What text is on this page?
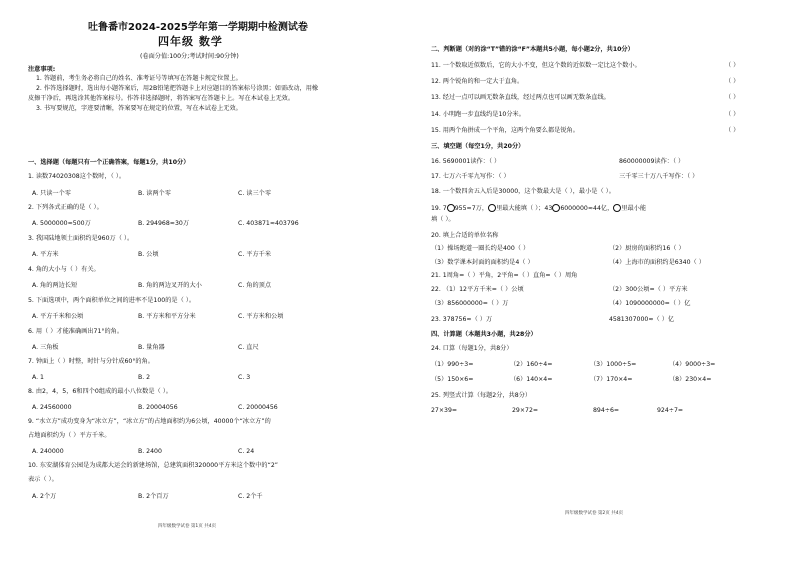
吐鲁番市2024-2025学年第一学期期中检测试卷
四年级 数学
(卷面分值:100分;考试时间:90分钟)
注意事项:
1. 答题前，考生务必将自己的姓名、准考证号等填写在答题卡规定位置上。
2. 作答选择题时，选出每小题答案后，用2B铅笔把答题卡上对应题目的答案标号涂黑；如需改动，用橡
皮擦干净后，再选涂其他答案标号。作答非选择题时，将答案写在答题卡上。写在本试卷上无效。
3. 书写要规范，字迹要清晰，答案要写在规定的位置，写在本试卷上无效。
一、选择题（每题只有一个正确答案，每题1分，共10分）
1. 读数74020308这个数时，（ ）。
A. 只读一个零	B. 读两个零	C. 读三个零
2. 下列各式正确的是（ ）。
A. 5000000≈500万	B. 294968≈30万	C. 403871≈403796
3. 我国陆地领土面积约是960万（ ）。
A. 平方米	B. 公顷	C. 平方千米
4. 角的大小与（ ）有关。
A. 角的两边长短	B. 角的两边叉开的大小	C. 角的顶点
5. 下面选项中，两个面积单位之间的进率不是100的是（ ）。
A. 平方千米和公顷	B. 平方米和平方分米	C. 平方米和公顷
6. 用（ ）才能准确画出71°的角。
A. 三角板	B. 量角器	C. 直尺
7. 钟面上（ ）时整，时针与分针成60°的角。
A. 1	B. 2	C. 3
8. 由2，4，5，6和四个0组成的最小八位数是（ ）。
A. 24560000	B. 20004056	C. 20000456
9. “水立方”成功变身为“冰立方”，“冰立方”的占地面积约为6公顷，40000个“冰立方”的
占地面积约为（ ）平方千米。
A. 240000	B. 2400	C. 24
10. 东安湖体育公园是为成都大运会的新建场馆，总建筑面积320000平方米这个数中的“2”
表示（ ）。
A. 2个万	B. 2个百万	C. 2个千
四年级数学试卷 第1页 共4页
二、判断题（对的涂“T”错的涂“F”本题共5小题，每小题2分，共10分）
11. 一个数取近似数后，它的大小不变，但这个数的近似数一定比这个数小。	（ ）
12. 两个锐角的和一定大于直角。	（ ）
13. 经过一点可以画无数条直线，经过两点也可以画无数条直线。	（ ）
14. 小明跑一步直线约是10分米。	（ ）
15. 用两个角拼成一个平角，这两个角要么都是锐角。	（ ）
三、填空题（每空1分，共20分）
16. 5690001读作：（ ）	860000009读作：（ ）
17. 七万六千零九写作：（ ）	三千零三十万八千写作：（ ）
18. 一个数四舍五入后是30000，这个数最大是（ ），最小是（ ）。
19. 7 955≈7万， 里最大能填（ ）；43 6000000≈44亿， 里最小能
填（ ）。
20. 填上合适的单位名称
（1）操场跑道一圈长约是400（ ）	（2）厨房的面积约16（ ）
（3）数学课本封面的面积约是4（ ）	（4）上海市的面积约是6340（ ）
21. 1周角=（ ）平角，2平角=（ ）直角=（ ）周角
22. （1）12平方千米=（ ）公顷	（2）300公顷=（ ）平方米
（3）856000000=（ ）万	（4）1090000000=（ ）亿
23. 378756≈（ ）万	4581307000≈（ ）亿
四、计算题（本题共3小题，共28分）
24. 口算（每题1分，共8分）
（1）990÷3=	（2）160÷4=	（3）1000÷5=	（4）9000÷3=
（5）150×6=	（6）140×4=	（7）170×4=	（8）230×4=
25. 列竖式计算（每题2分，共8分）
27×39=	29×72=	894÷6=	924÷7=
四年级数学试卷 第2页 共4页
